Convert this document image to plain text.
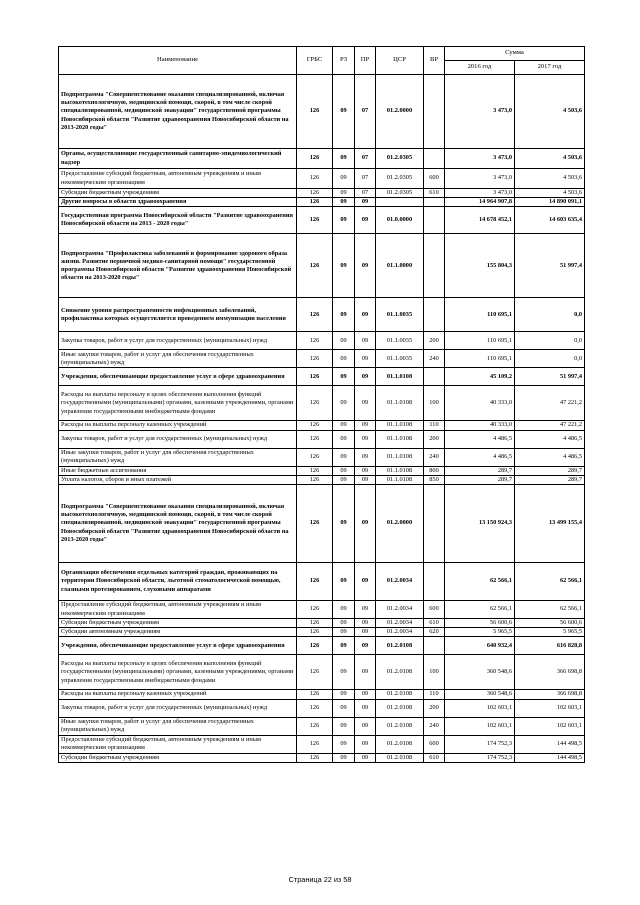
Наименование	ГРБС	РЗ	ПР	ЦСР	ВР	Сумма	
						2016 год	2017 год
Подпрограмма "Совершенствование оказания специализированной, включая высокотехнологичную, медицинской помощи, скорой, в том числе скорой специализированной, медицинской эвакуации" государственной программы Новосибирской области "Развитие здравоохранения Новосибирской области на 2013-2020 годы"	126	09	07	01.2.0000		3 473,0	4 503,6
Органы, осуществляющие государственный санитарно-эпидемиологический надзор	126	09	07	01.2.0305		3 473,0	4 503,6
Предоставление субсидий бюджетным, автономным учреждениям и иным некоммерческим организациям	126	09	07	01.2.0305	600	3 473,0	4 503,6
Субсидии бюджетным учреждениям	126	09	07	01.2.0305	610	3 473,0	4 503,6
Другие вопросы в области здравоохранения	126	09	09			14 964 907,8	14 890 091,1
Государственная программа Новосибирской области "Развитие здравоохранения Новосибирской области на 2013 - 2020 годы"	126	09	09	01.0.0000		14 678 452,1	14 603 635,4
Подпрограмма "Профилактика заболеваний и формирование здорового образа жизни. Развитие первичной медико-санитарной помощи" государственной программы Новосибирской области "Развитие здравоохранения Новосибирской области на 2013-2020 годы"	126	09	09	01.1.0000		155 804,3	51 997,4
Снижение уровня распространенности инфекционных заболеваний, профилактика которых осуществляется проведением иммунизации населения	126	09	09	01.1.0035		110 695,1	0,0
Закупка товаров, работ и услуг для государственных (муниципальных) нужд	126	09	09	01.1.0035	200	110 695,1	0,0
Иные закупки товаров, работ и услуг для обеспечения государственных (муниципальных) нужд	126	09	09	01.1.0035	240	110 695,1	0,0
Учреждения, обеспечивающие предоставление услуг в сфере здравоохранения	126	09	09	01.1.0108		45 109,2	51 997,4
Расходы на выплаты персоналу в целях обеспечения выполнения функций государственными (муниципальными) органами, казенными учреждениями, органами управления государственными внебюджетными фондами	126	09	09	01.1.0108	100	40 333,0	47 221,2
Расходы на выплаты персоналу казенных учреждений	126	09	09	01.1.0108	110	40 333,0	47 221,2
Закупка товаров, работ и услуг для государственных (муниципальных) нужд	126	09	09	01.1.0108	200	4 486,5	4 486,5
Иные закупки товаров, работ и услуг для обеспечения государственных (муниципальных) нужд	126	09	09	01.1.0108	240	4 486,5	4 486,5
Иные бюджетные ассигнования	126	09	09	01.1.0108	800	289,7	289,7
Уплата налогов, сборов и иных платежей	126	09	09	01.1.0108	850	289,7	289,7
Подпрограмма "Совершенствование оказания специализированной, включая высокотехнологичную, медицинской помощи, скорой, в том числе скорой специализированной, медицинской эвакуации" государственной программы Новосибирской области "Развитие здравоохранения Новосибирской области на 2013-2020 годы"	126	09	09	01.2.0000		13 150 924,3	13 499 155,4
Организация обеспечения отдельных категорий граждан, проживающих на территории Новосибирской области, льготной стоматологической помощью, глазными протезированием, слуховыми аппаратами	126	09	09	01.2.0034		62 566,1	62 566,1
Предоставление субсидий бюджетным, автономным учреждениям и иным некоммерческим организациям	126	09	09	01.2.0034	600	62 566,1	62 566,1
Субсидии бюджетным учреждениям	126	09	09	01.2.0034	610	56 600,6	56 600,6
Субсидии автономным учреждениям	126	09	09	01.2.0034	620	5 965,5	5 965,5
Учреждения, обеспечивающие предоставление услуг в сфере здравоохранения	126	09	09	01.2.0108		640 932,4	616 828,8
Расходы на выплаты персоналу в целях обеспечения выполнения функций государственными (муниципальными) органами, казенными учреждениями, органами управления государственными внебюджетными фондами	126	09	09	01.2.0108	100	360 548,6	366 698,8
Расходы на выплаты персоналу казенных учреждений	126	09	09	01.2.0108	110	360 548,6	366 698,8
Закупка товаров, работ и услуг для государственных (муниципальных) нужд	126	09	09	01.2.0108	200	102 603,1	102 603,1
Иные закупки товаров, работ и услуг для обеспечения государственных (муниципальных) нужд	126	09	09	01.2.0108	240	102 603,1	102 603,1
Предоставление субсидий бюджетным, автономным учреждениям и иным некоммерческим организациям	126	09	09	01.2.0108	600	174 752,3	144 498,5
Субсидии бюджетным учреждениям	126	09	09	01.2.0108	610	174 752,3	144 498,5
Страница 22 из 58
